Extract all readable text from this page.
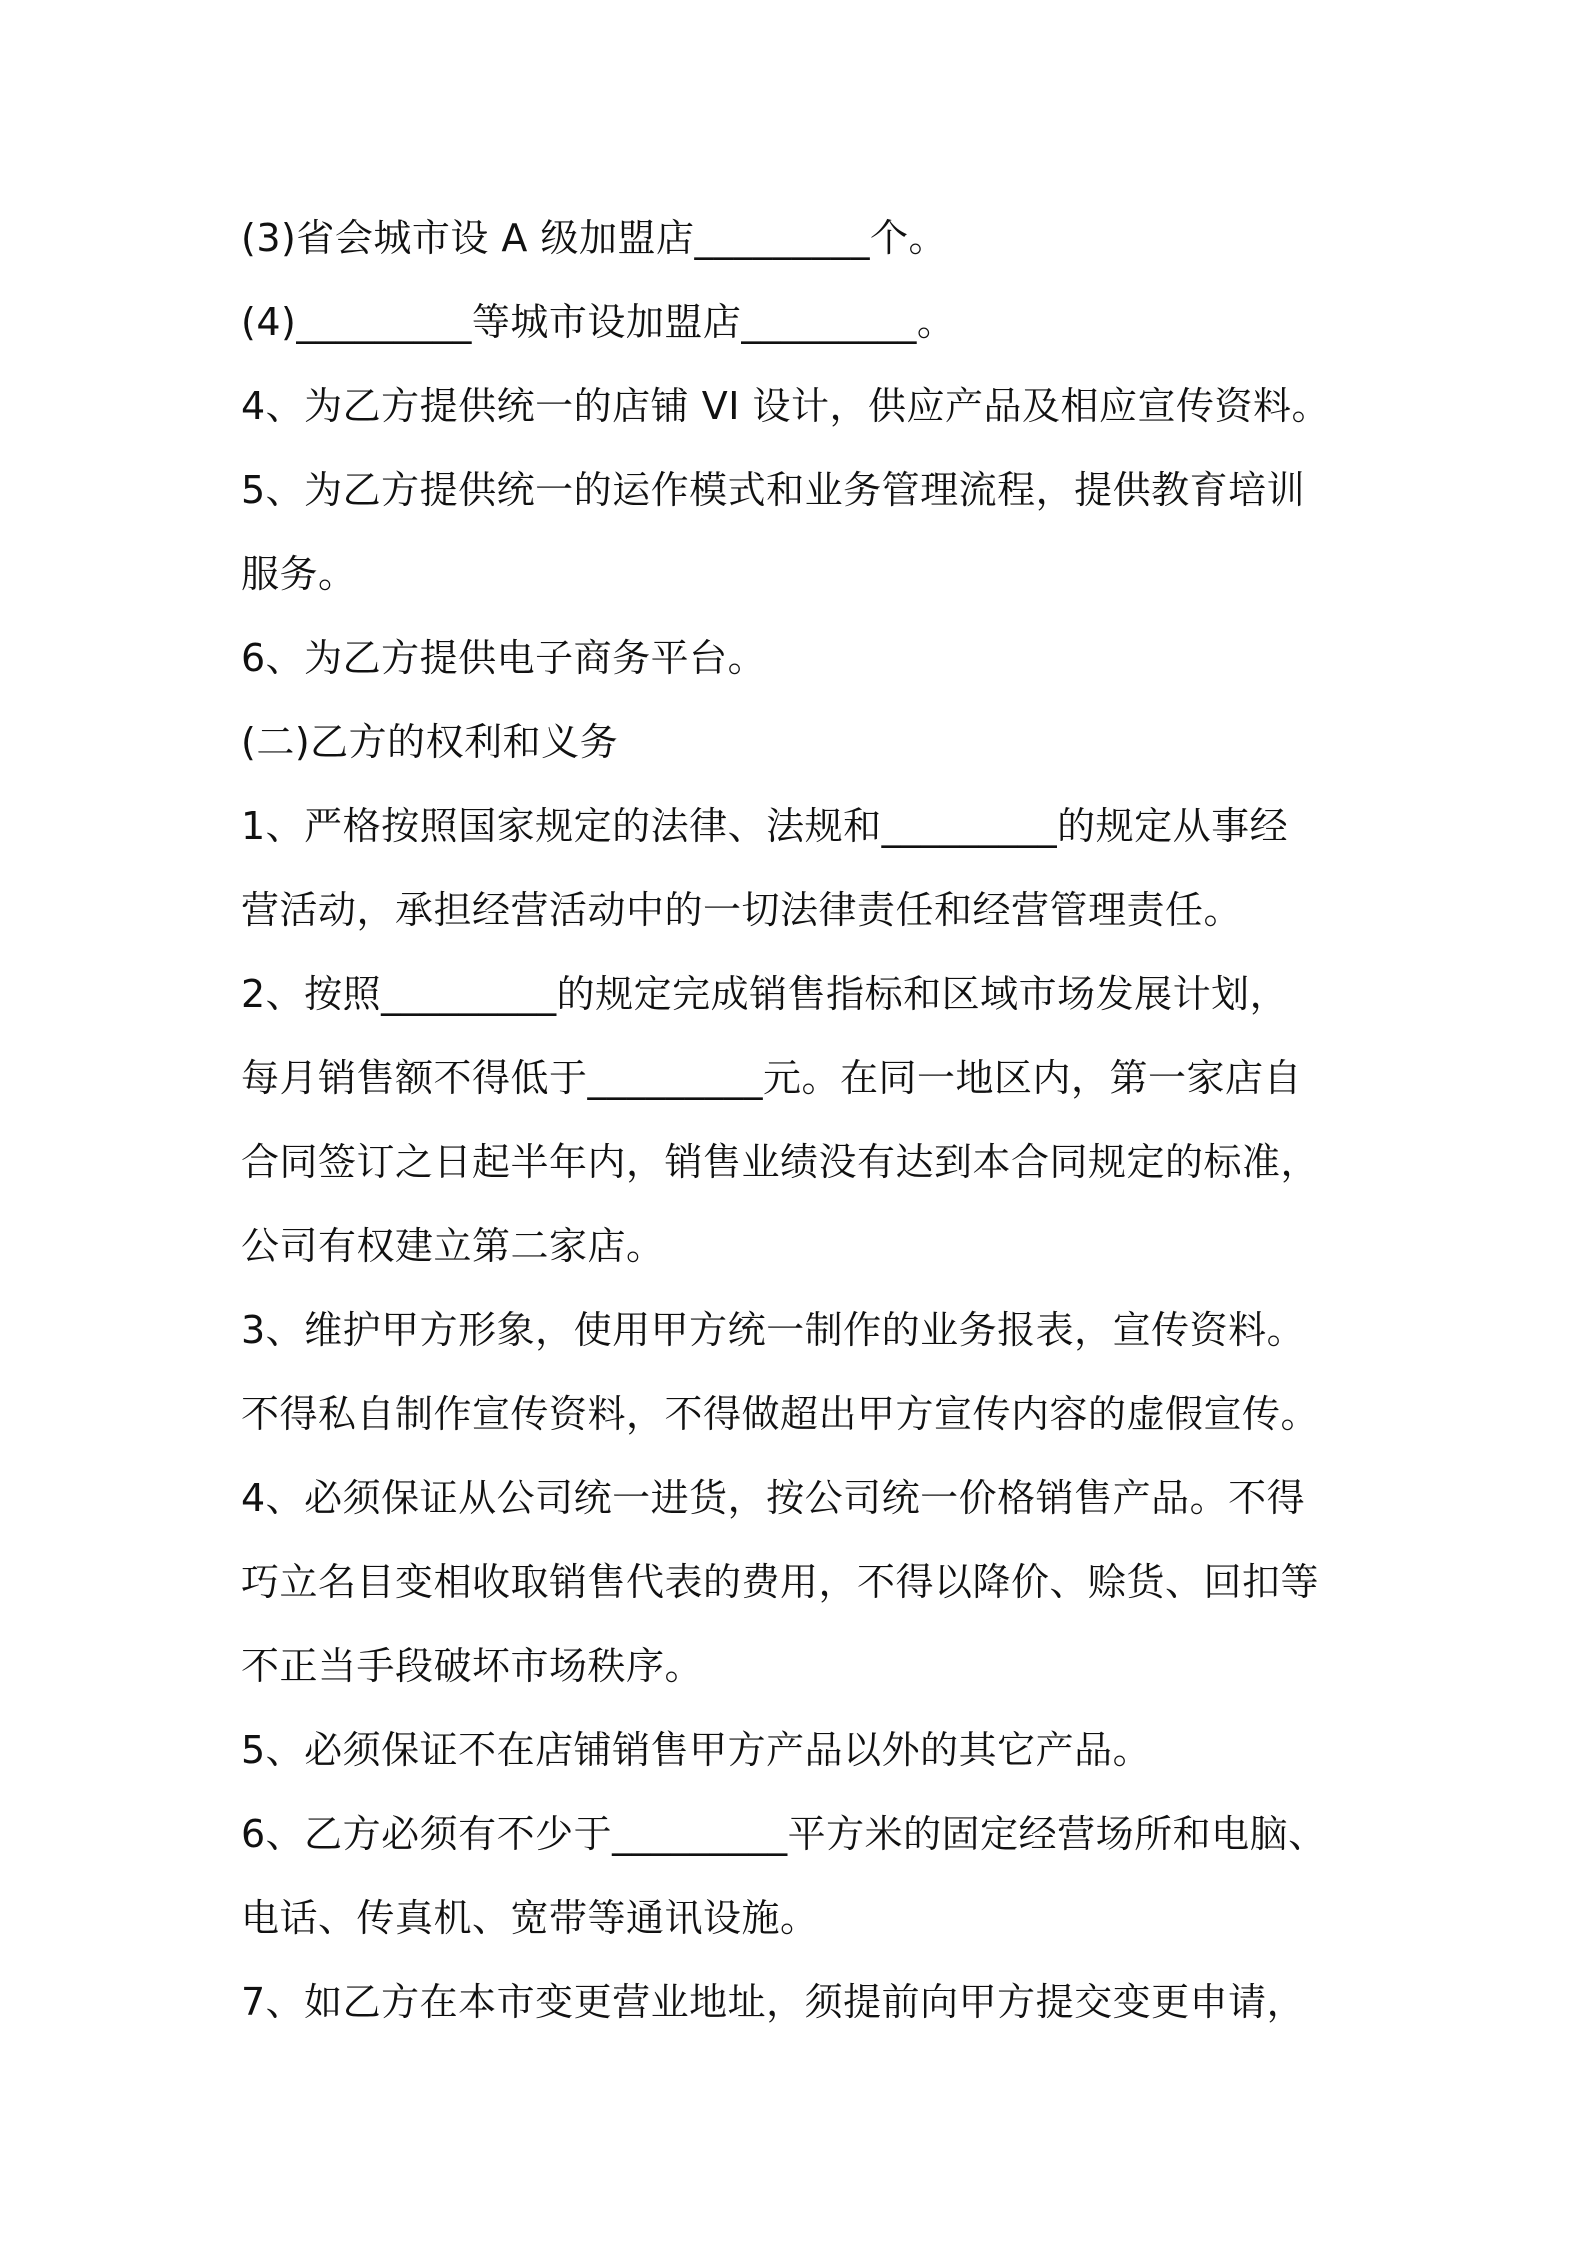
(3)省会城市设 A 级加盟店_________个。
(4)_________等城市设加盟店_________。
4、为乙方提供统一的店铺 VI 设计，供应产品及相应宣传资料。
5、为乙方提供统一的运作模式和业务管理流程，提供教育培训
服务。
6、为乙方提供电子商务平台。
(二)乙方的权利和义务
1、严格按照国家规定的法律、法规和_________的规定从事经
营活动，承担经营活动中的一切法律责任和经营管理责任。
2、按照_________的规定完成销售指标和区域市场发展计划，
每月销售额不得低于_________元。在同一地区内，第一家店自
合同签订之日起半年内，销售业绩没有达到本合同规定的标准，
公司有权建立第二家店。
3、维护甲方形象，使用甲方统一制作的业务报表，宣传资料。
不得私自制作宣传资料，不得做超出甲方宣传内容的虚假宣传。
4、必须保证从公司统一进货，按公司统一价格销售产品。不得
巧立名目变相收取销售代表的费用，不得以降价、赊货、回扣等
不正当手段破坏市场秩序。
5、必须保证不在店铺销售甲方产品以外的其它产品。
6、乙方必须有不少于_________平方米的固定经营场所和电脑、
电话、传真机、宽带等通讯设施。
7、如乙方在本市变更营业地址，须提前向甲方提交变更申请，
